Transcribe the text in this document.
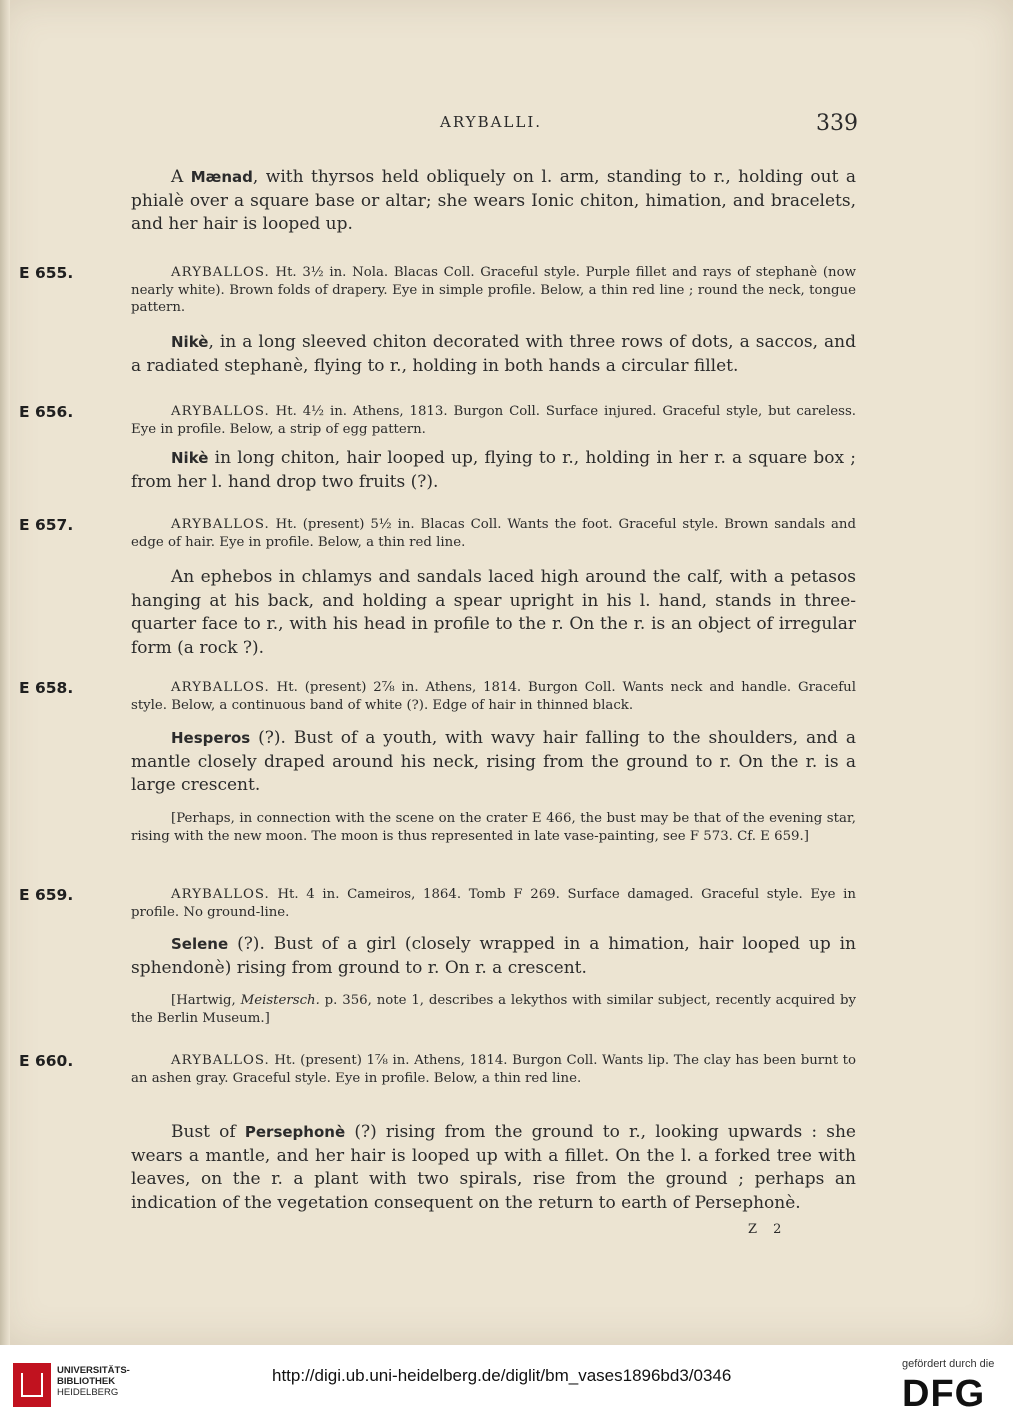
ARYBALLI.	339

A Mænad, with thyrsos held obliquely on l. arm, standing to r., holding out a phialè over a square base or altar; she wears Ionic chiton, himation, and bracelets, and her hair is looped up.

E 655.	ARYBALLOS. Ht. 3½ in. Nola. Blacas Coll. Graceful style. Purple fillet and rays of stephanè (now nearly white). Brown folds of drapery. Eye in simple profile. Below, a thin red line ; round the neck, tongue pattern.

Nikè, in a long sleeved chiton decorated with three rows of dots, a saccos, and a radiated stephanè, flying to r., holding in both hands a circular fillet.

E 656.	ARYBALLOS. Ht. 4½ in. Athens, 1813. Burgon Coll. Surface injured. Graceful style, but careless. Eye in profile. Below, a strip of egg pattern.

Nikè in long chiton, hair looped up, flying to r., holding in her r. a square box ; from her l. hand drop two fruits (?).

E 657.	ARYBALLOS. Ht. (present) 5½ in. Blacas Coll. Wants the foot. Graceful style. Brown sandals and edge of hair. Eye in profile. Below, a thin red line.

An ephebos in chlamys and sandals laced high around the calf, with a petasos hanging at his back, and holding a spear upright in his l. hand, stands in three-quarter face to r., with his head in profile to the r. On the r. is an object of irregular form (a rock ?).

E 658.	ARYBALLOS. Ht. (present) 2⅞ in. Athens, 1814. Burgon Coll. Wants neck and handle. Graceful style. Below, a continuous band of white (?). Edge of hair in thinned black.

Hesperos (?). Bust of a youth, with wavy hair falling to the shoulders, and a mantle closely draped around his neck, rising from the ground to r. On the r. is a large crescent.

[Perhaps, in connection with the scene on the crater E 466, the bust may be that of the evening star, rising with the new moon. The moon is thus represented in late vase-painting, see F 573. Cf. E 659.]

E 659.	ARYBALLOS. Ht. 4 in. Cameiros, 1864. Tomb F 269. Surface damaged. Graceful style. Eye in profile. No ground-line.

Selene (?). Bust of a girl (closely wrapped in a himation, hair looped up in sphendonè) rising from ground to r. On r. a crescent.

[Hartwig, Meistersch. p. 356, note 1, describes a lekythos with similar subject, recently acquired by the Berlin Museum.]

E 660.	ARYBALLOS. Ht. (present) 1⅞ in. Athens, 1814. Burgon Coll. Wants lip. The clay has been burnt to an ashen gray. Graceful style. Eye in profile. Below, a thin red line.

Bust of Persephonè (?) rising from the ground to r., looking upwards : she wears a mantle, and her hair is looped up with a fillet. On the l. a forked tree with leaves, on the r. a plant with two spirals, rise from the ground ; perhaps an indication of the vegetation consequent on the return to earth of Persephonè.

Z 2
UNIVERSITÄTS-
BIBLIOTHEK
HEIDELBERG
http://digi.ub.uni-heidelberg.de/diglit/bm_vases1896bd3/0346
gefördert durch die
DFG
